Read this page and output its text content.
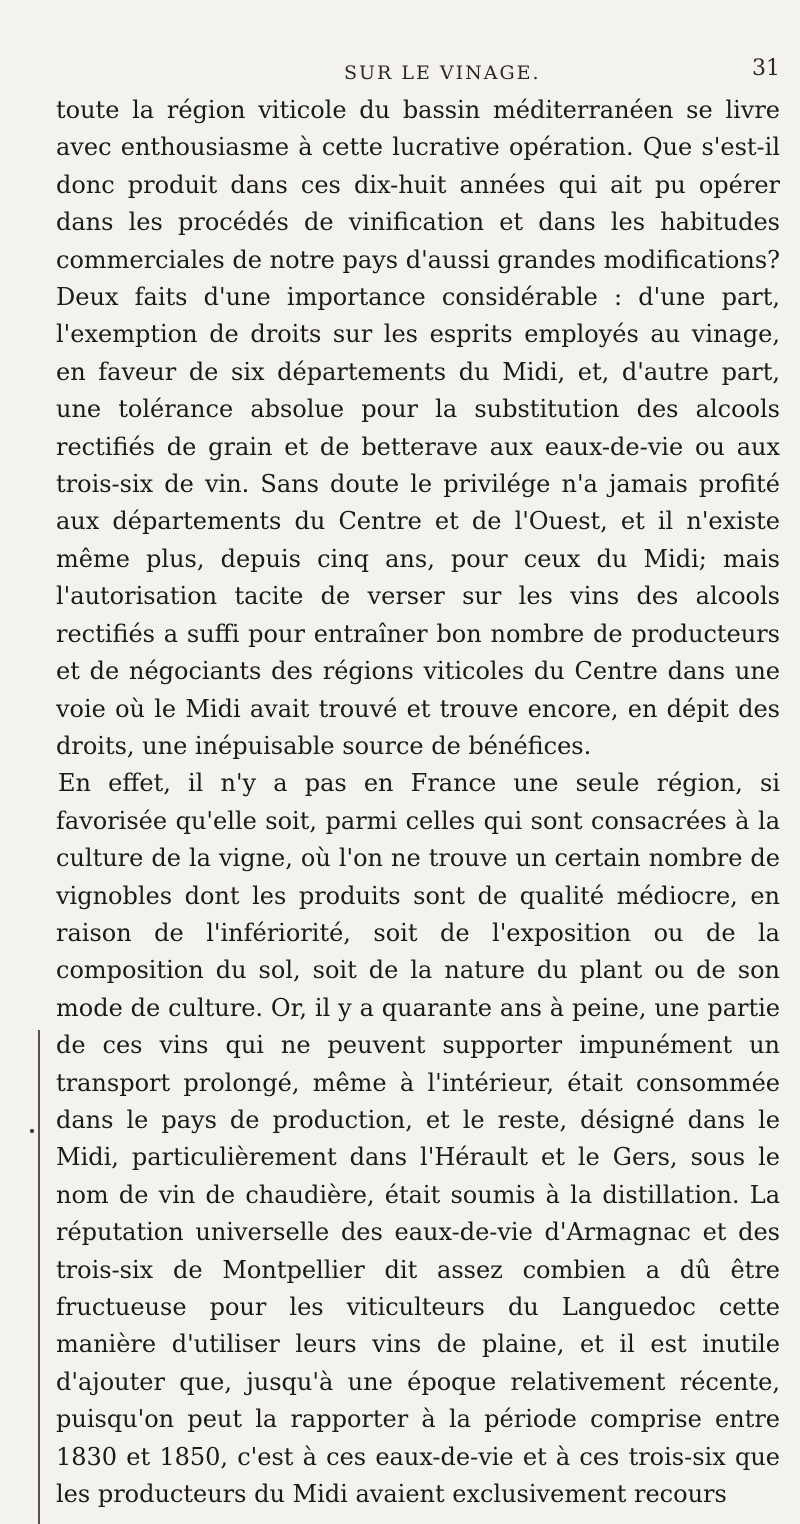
SUR LE VINAGE.	31

toute la région viticole du bassin méditerranéen se livre avec enthousiasme à cette lucrative opération. Que s'est-il donc produit dans ces dix-huit années qui ait pu opérer dans les procédés de vinification et dans les habitudes commerciales de notre pays d'aussi grandes modifications? Deux faits d'une importance considérable : d'une part, l'exemption de droits sur les esprits employés au vinage, en faveur de six départements du Midi, et, d'autre part, une tolérance absolue pour la substitution des alcools rectifiés de grain et de betterave aux eaux-de-vie ou aux trois-six de vin. Sans doute le privilége n'a jamais profité aux départements du Centre et de l'Ouest, et il n'existe même plus, depuis cinq ans, pour ceux du Midi; mais l'autorisation tacite de verser sur les vins des alcools rectifiés a suffi pour entraîner bon nombre de producteurs et de négociants des régions viticoles du Centre dans une voie où le Midi avait trouvé et trouve encore, en dépit des droits, une inépuisable source de bénéfices.

En effet, il n'y a pas en France une seule région, si favorisée qu'elle soit, parmi celles qui sont consacrées à la culture de la vigne, où l'on ne trouve un certain nombre de vignobles dont les produits sont de qualité médiocre, en raison de l'infériorité, soit de l'exposition ou de la composition du sol, soit de la nature du plant ou de son mode de culture. Or, il y a quarante ans à peine, une partie de ces vins qui ne peuvent supporter impunément un transport prolongé, même à l'intérieur, était consommée dans le pays de production, et le reste, désigné dans le Midi, particulièrement dans l'Hérault et le Gers, sous le nom de vin de chaudière, était soumis à la distillation. La réputation universelle des eaux-de-vie d'Armagnac et des trois-six de Montpellier dit assez combien a dû être fructueuse pour les viticulteurs du Languedoc cette manière d'utiliser leurs vins de plaine, et il est inutile d'ajouter que, jusqu'à une époque relativement récente, puisqu'on peut la rapporter à la période comprise entre 1830 et 1850, c'est à ces eaux-de-vie et à ces trois-six que les producteurs du Midi avaient exclusivement recours
